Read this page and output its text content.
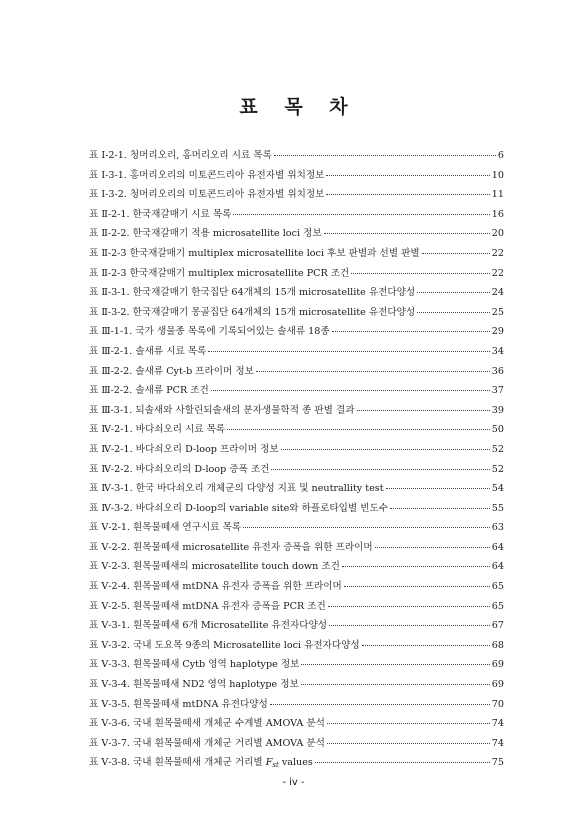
표 목 차
표 Ⅰ-2-1. 청머리오리, 홍머리오리 시료 목록	6
표 Ⅰ-3-1. 홍머리오리의 미토콘드리아 유전자별 위치정보	10
표 Ⅰ-3-2. 청머리오리의 미토콘드리아 유전자별 위치정보	11
표 Ⅱ-2-1. 한국재갈매기 시료 목록	16
표 Ⅱ-2-2. 한국재갈매기 적용 microsatellite loci 정보	20
표 Ⅱ-2-3 한국재갈매기 multiplex microsatellite loci 후보 판별과 선별 판별	22
표 Ⅱ-2-3 한국재갈매기 multiplex microsatellite PCR 조건	22
표 Ⅱ-3-1. 한국재갈매기 한국집단 64개체의 15개 microsatellite 유전다양성	24
표 Ⅱ-3-2. 한국재갈매기 몽골집단 64개체의 15개 microsatellite 유전다양성	25
표 Ⅲ-1-1. 국가 생물종 목록에 기록되어있는 솔새류 18종	29
표 Ⅲ-2-1. 솔새류 시료 목록	34
표 Ⅲ-2-2. 솔새류 Cyt-b 프라이머 정보	36
표 Ⅲ-2-2. 솔새류 PCR 조건	37
표 Ⅲ-3-1. 되솔새와 사할린되솔새의 분자생물학적 종 판별 결과	39
표 Ⅳ-2-1. 바다쇠오리 시료 목록	50
표 Ⅳ-2-1. 바다쇠오리 D-loop 프라이머 정보	52
표 Ⅳ-2-2. 바다쇠오리의 D-loop 증폭 조건	52
표 Ⅳ-3-1. 한국 바다쇠오리 개체군의 다양성 지표 및 neutrallity test	54
표 Ⅳ-3-2. 바다쇠오리 D-loop의 variable site와 하플로타입별 빈도수	55
표 Ⅴ-2-1. 흰목물떼새 연구시료 목록	63
표 Ⅴ-2-2. 흰목물떼새 microsatellite 유전자 증폭을 위한 프라이머	64
표 Ⅴ-2-3. 흰목물떼새의 microsatellite touch down 조건	64
표 Ⅴ-2-4. 흰목물떼새 mtDNA 유전자 증폭을 위한 프라이머	65
표 Ⅴ-2-5. 흰목물떼새 mtDNA 유전자 증폭을 PCR 조건	65
표 Ⅴ-3-1. 흰목물떼새 6개 Microsatellite 유전자다양성	67
표 Ⅴ-3-2. 국내 도요목 9종의 Microsatellite loci 유전자다양성	68
표 Ⅴ-3-3. 흰목물떼새 Cytb 영역 haplotype 정보	69
표 Ⅴ-3-4. 흰목물떼새 ND2 영역 haplotype 정보	69
표 Ⅴ-3-5. 흰목물떼새 mtDNA 유전다양성	70
표 Ⅴ-3-6. 국내 흰목물떼새 개체군 수계별 AMOVA 분석	74
표 Ⅴ-3-7. 국내 흰목물떼새 개체군 거리별 AMOVA 분석	74
표 Ⅴ-3-8. 국내 흰목물떼새 개체군 거리별 $F_{st}$ values	75
- iv -
